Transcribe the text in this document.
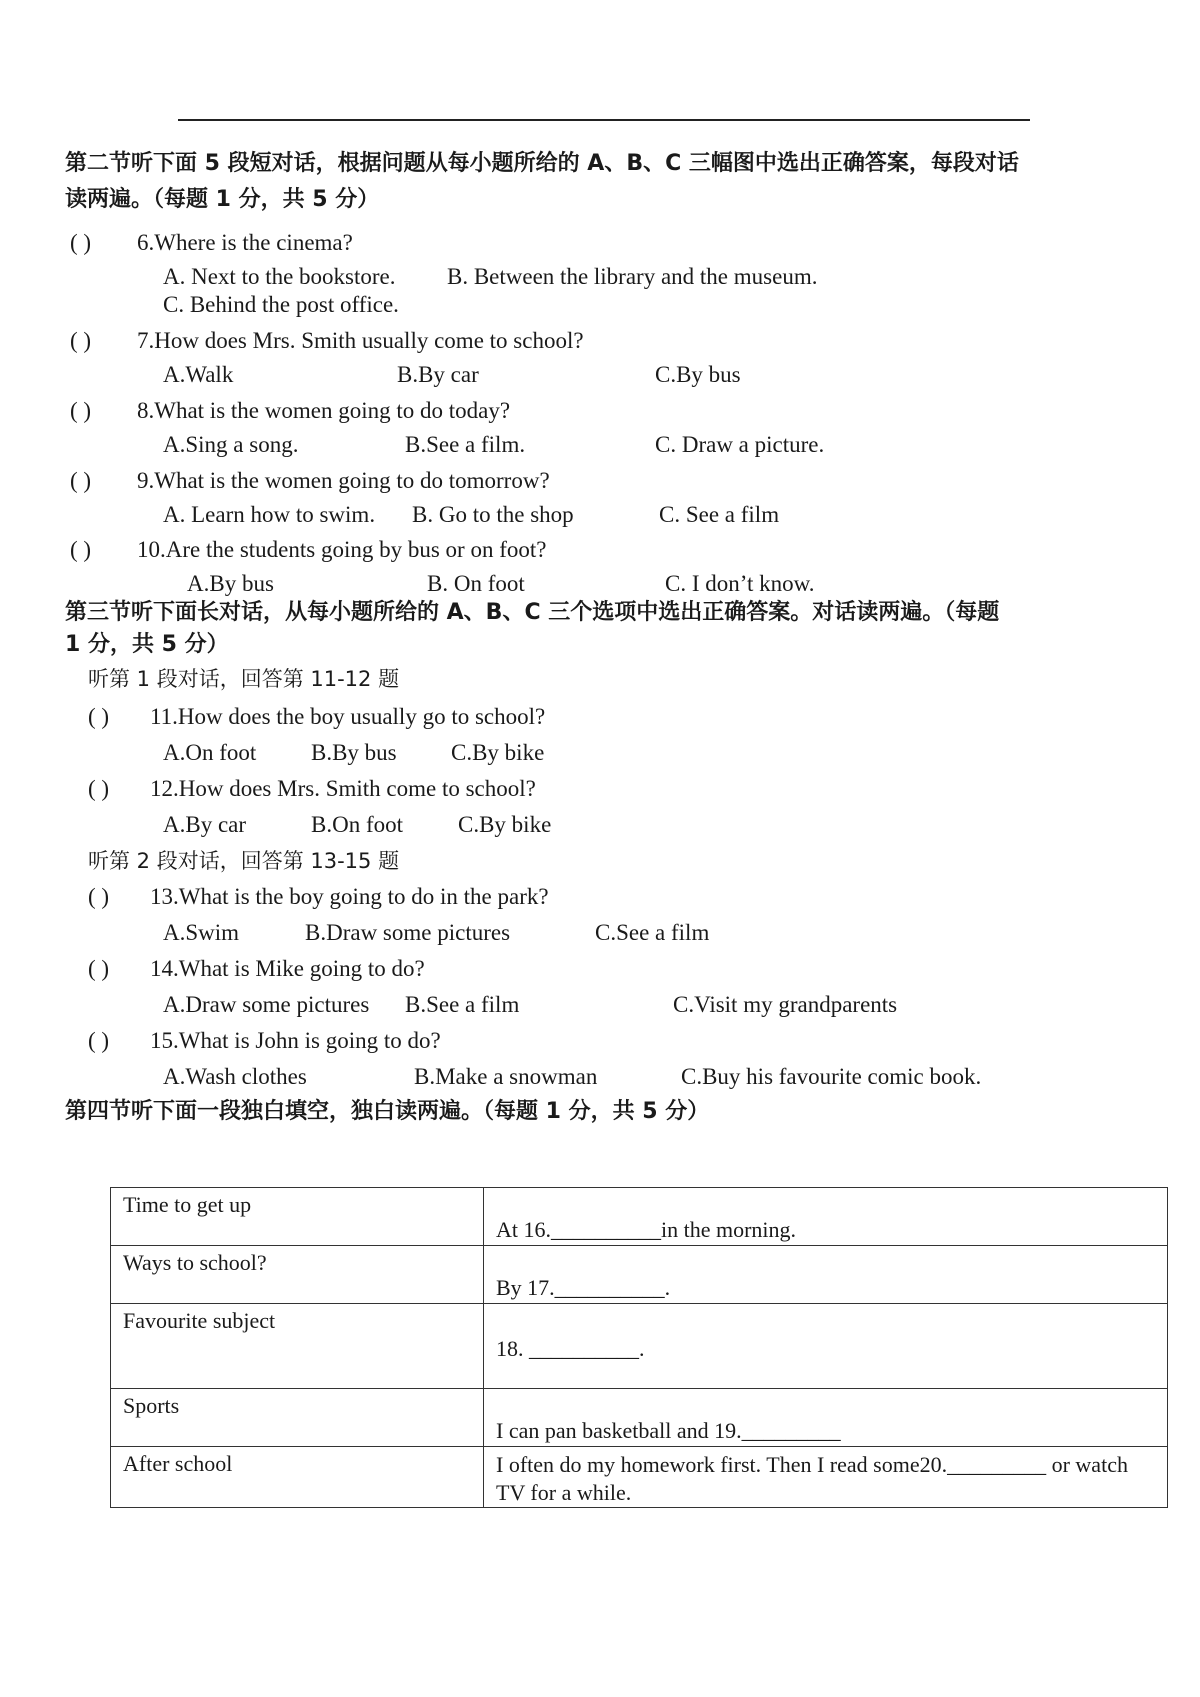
第二节听下面 5 段短对话，根据问题从每小题所给的 A、B、C 三幅图中选出正确答案，每段对话
读两遍。（每题 1 分，共 5 分）
( ) 6.Where is the cinema?
A. Next to the bookstore. B. Between the library and the museum.
C. Behind the post office.
( ) 7.How does Mrs. Smith usually come to school?
A.Walk	B.By car	C.By bus
( ) 8.What is the women going to do today?
A.Sing a song.	B.See a film.	C. Draw a picture.
( ) 9.What is the women going to do tomorrow?
A. Learn how to swim. B. Go to the shop	C. See a film
( ) 10.Are the students going by bus or on foot?
A.By bus	B. On foot	C. I don’t know.
第三节听下面长对话，从每小题所给的 A、B、C 三个选项中选出正确答案。对话读两遍。（每题
1 分，共 5 分）
听第 1 段对话，回答第 11-12 题
( ) 11.How does the boy usually go to school?
A.On foot B.By bus C.By bike
( ) 12.How does Mrs. Smith come to school?
A.By car	B.On foot C.By bike
听第 2 段对话，回答第 13-15 题
( ) 13.What is the boy going to do in the park?
A.Swim	B.Draw some pictures	C.See a film
( ) 14.What is Mike going to do?
A.Draw some pictures B.See a film	C.Visit my grandparents
( ) 15.What is John is going to do?
A.Wash clothes	B.Make a snowman	C.Buy his favourite comic book.
第四节听下面一段独白填空，独白读两遍。（每题 1 分，共 5 分）
Time to get up	At 16.__________in the morning.

Ways to school?	By 17.__________.

Favourite subject	18. __________.

Sports	I can pan basketball and 19._________

After school	I often do my homework first. Then I read some20._________ or watch TV for a while.
